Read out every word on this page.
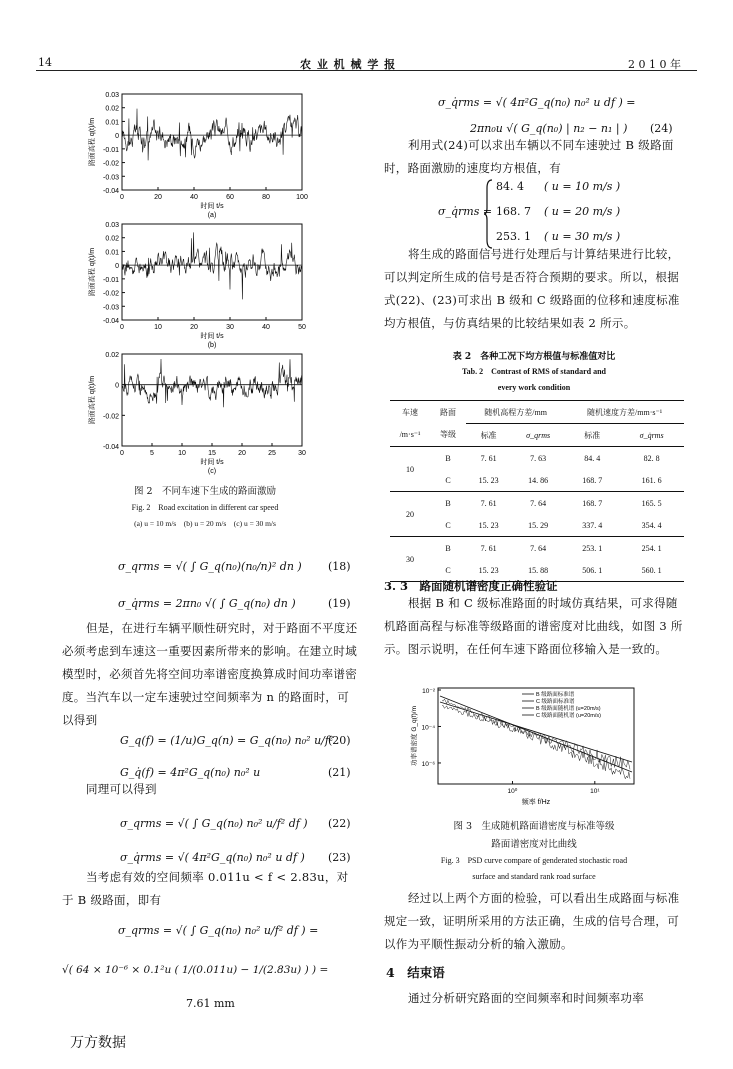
14	农 业 机 械 学 报	2 0 1 0 年
0.03
0.02
0.01
0
-0.01
-0.02
-0.03
-0.04
0	20	40	60	80	100
时间 t/s
(a)
路面高程 q(t)/m
0.03
0.02
0.01
0
-0.01
-0.02
-0.03
-0.04
0	10	20	30	40	50
时间 t/s
(b)
路面高程 q(t)/m
0.02
0
-0.02
-0.04
0	5	10	15	20	25	30
时间 t/s
(c)
路面高程 q(t)/m
图 2　不同车速下生成的路面激励
Fig. 2　Road excitation in different car speed
(a) u = 10 m/s　(b) u = 20 m/s　(c) u = 30 m/s
σ_qrms = √( ∫ G_q(n₀)(n₀/n)² dn ) (18)
σ_q̇rms = 2πn₀ √( ∫ G_q(n₀) dn )	(19)
但是，在进行车辆平顺性研究时，对于路面不平度还必须考虑到车速这一重要因素所带来的影响。在建立时域模型时，必须首先将空间功率谱密度换算成时间功率谱密度。当汽车以一定车速驶过空间频率为 n 的路面时，可以得到
G_q(f) = (1/u)G_q(n) = G_q(n₀) n₀² u/f²
(20)
G_q̇(f) = 4π²G_q(n₀) n₀² u	(21)
同理可以得到
σ_qrms = √( ∫ G_q(n₀) n₀² u/f² df ) (22)
σ_q̇rms = √( 4π²G_q(n₀) n₀² u df ) (23)
当考虑有效的空间频率 0.011u < f < 2.83u，对于 B 级路面，即有
σ_qrms = √( ∫ G_q(n₀) n₀² u/f² df ) =
√( 64 × 10⁻⁶ × 0.1²u ( 1/(0.011u) − 1/(2.83u) ) ) =
7.61 mm
σ_q̇rms = √( 4π²G_q(n₀) n₀² u df ) =
2πn₀u √( G_q(n₀) | n₂ − n₁ | ) (24)
利用式(24)可以求出车辆以不同车速驶过 B 级路面时，路面激励的速度均方根值，有
σ_q̇rms =
84. 4 ( u = 10 m/s )
168. 7 ( u = 20 m/s )
253. 1 ( u = 30 m/s )
将生成的路面信号进行处理后与计算结果进行比较，可以判定所生成的信号是否符合预期的要求。所以，根据式(22)、(23)可求出 B 级和 C 级路面的位移和速度标准均方根值，与仿真结果的比较结果如表 2 所示。
表 2　各种工况下均方根值与标准值对比
Tab. 2　Contrast of RMS of standard and
every work condition
车速	路面	随机高程方差/mm		随机速度方差/mm·s⁻¹	
/m·s⁻¹	等级	标准	σ_qrms	标准	σ_q̇rms
10	B	7. 61	7. 63	84. 4	82. 8
	C	15. 23	14. 86	168. 7	161. 6
20	B	7. 61	7. 64	168. 7	165. 5
	C	15. 23	15. 29	337. 4	354. 4
30	B	7. 61	7. 64	253. 1	254. 1
	C	15. 23	15. 88	506. 1	560. 1
3. 3　路面随机谱密度正确性验证
根据 B 和 C 级标准路面的时域仿真结果，可求得随机路面高程与标准等级路面的谱密度对比曲线，如图 3 所示。图示说明，在任何车速下路面位移输入是一致的。
10⁻²
10⁻⁴
10⁻⁶
10⁰	10¹
频率 f/Hz
功率谱密度 G_q(f)/m
B 级路面标准谱
C 级路面标准谱
B 级路面随机谱 (u=20m/s)
C 级路面随机谱 (u=20m/s)
图 3　生成随机路面谱密度与标准等级
路面谱密度对比曲线
Fig. 3　PSD curve compare of genderated stochastic road
surface and standard rank road surface
经过以上两个方面的检验，可以看出生成路面与标准规定一致，证明所采用的方法正确，生成的信号合理，可以作为平顺性振动分析的输入激励。
4　结束语
通过分析研究路面的空间频率和时间频率功率
万方数据
